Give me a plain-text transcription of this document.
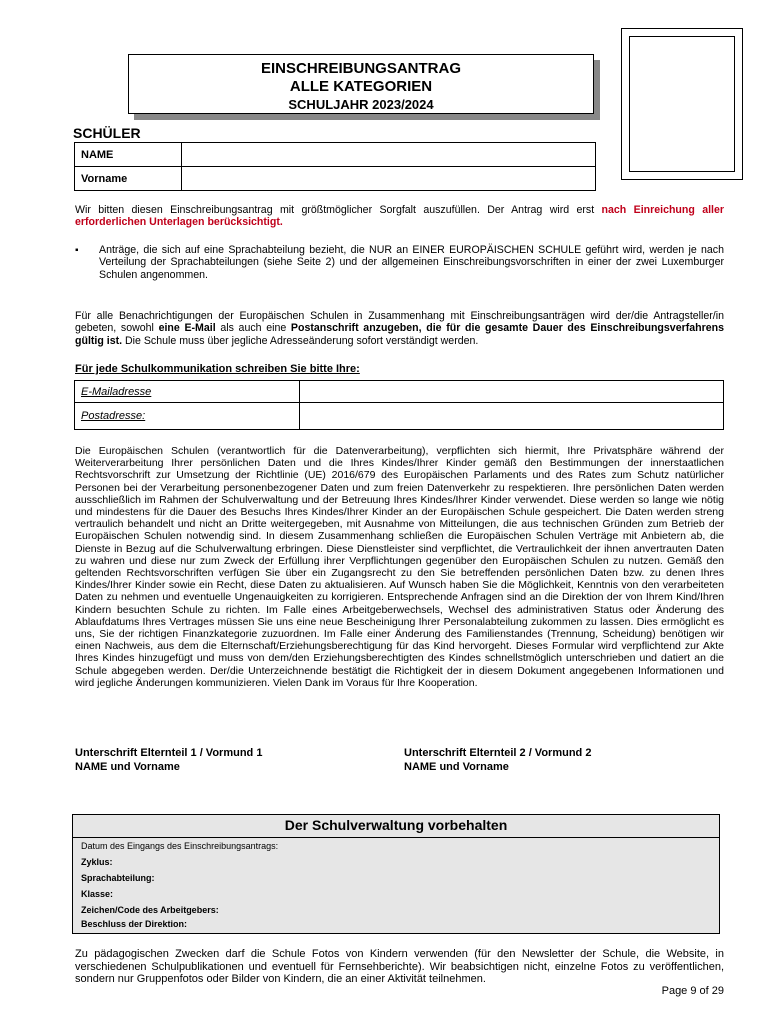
EINSCHREIBUNGSANTRAG
ALLE KATEGORIEN
SCHULJAHR 2023/2024
SCHÜLER
NAME	
Vorname	
Wir bitten diesen Einschreibungsantrag mit größtmöglicher Sorgfalt auszufüllen. Der Antrag wird erst nach Einreichung aller erforderlichen Unterlagen berücksichtigt.
▪ Anträge, die sich auf eine Sprachabteilung bezieht, die NUR an EINER EUROPÄISCHEN SCHULE geführt wird, werden je nach Verteilung der Sprachabteilungen (siehe Seite 2) und der allgemeinen Einschreibungsvorschriften in einer der zwei Luxemburger Schulen angenommen.
Für alle Benachrichtigungen der Europäischen Schulen in Zusammenhang mit Einschreibungsanträgen wird der/die Antragsteller/in gebeten, sowohl eine E-Mail als auch eine Postanschrift anzugeben, die für die gesamte Dauer des Einschreibungsverfahrens gültig ist. Die Schule muss über jegliche Adresseänderung sofort verständigt werden.
Für jede Schulkommunikation schreiben Sie bitte Ihre:
E-Mailadresse	
Postadresse:	
Die Europäischen Schulen (verantwortlich für die Datenverarbeitung), verpflichten sich hiermit, Ihre Privatsphäre während der Weiterverarbeitung Ihrer persönlichen Daten und die Ihres Kindes/Ihrer Kinder gemäß den Bestimmungen der innerstaatlichen Rechtsvorschrift zur Umsetzung der Richtlinie (UE) 2016/679 des Europäischen Parlaments und des Rates zum Schutz natürlicher Personen bei der Verarbeitung personenbezogener Daten und zum freien Datenverkehr zu respektieren. Ihre persönlichen Daten werden ausschließlich im Rahmen der Schulverwaltung und der Betreuung Ihres Kindes/Ihrer Kinder verwendet. Diese werden so lange wie nötig und mindestens für die Dauer des Besuchs Ihres Kindes/Ihrer Kinder an der Europäischen Schule gespeichert. Die Daten werden streng vertraulich behandelt und nicht an Dritte weitergegeben, mit Ausnahme von Mitteilungen, die aus technischen Gründen zum Betrieb der Europäischen Schulen notwendig sind. In diesem Zusammenhang schließen die Europäischen Schulen Verträge mit Anbietern ab, die Dienste in Bezug auf die Schulverwaltung erbringen. Diese Dienstleister sind verpflichtet, die Vertraulichkeit der ihnen anvertrauten Daten zu wahren und diese nur zum Zweck der Erfüllung ihrer Verpflichtungen gegenüber den Europäischen Schulen zu nutzen. Gemäß den geltenden Rechtsvorschriften verfügen Sie über ein Zugangsrecht zu den Sie betreffenden persönlichen Daten bzw. zu denen Ihres Kindes/Ihrer Kinder sowie ein Recht, diese Daten zu aktualisieren. Auf Wunsch haben Sie die Möglichkeit, Kenntnis von den verarbeiteten Daten zu nehmen und eventuelle Ungenauigkeiten zu korrigieren. Entsprechende Anfragen sind an die Direktion der von Ihrem Kind/Ihren Kindern besuchten Schule zu richten. Im Falle eines Arbeitgeberwechsels, Wechsel des administrativen Status oder Änderung des Ablaufdatums Ihres Vertrages müssen Sie uns eine neue Bescheinigung Ihrer Personalabteilung zukommen zu lassen. Dies ermöglicht es uns, Sie der richtigen Finanzkategorie zuzuordnen. Im Falle einer Änderung des Familienstandes (Trennung, Scheidung) benötigen wir einen Nachweis, aus dem die Elternschaft/Erziehungsberechtigung für das Kind hervorgeht. Dieses Formular wird verpflichtend zur Akte Ihres Kindes hinzugefügt und muss von dem/den Erziehungsberechtigten des Kindes schnellstmöglich unterschrieben und datiert an die Schule abgegeben werden. Der/die Unterzeichnende bestätigt die Richtigkeit der in diesem Dokument angegebenen Informationen und wird jegliche Änderungen kommunizieren. Vielen Dank im Voraus für Ihre Kooperation.
Unterschrift Elternteil 1 / Vormund 1
NAME und Vorname
Unterschrift Elternteil 2 / Vormund 2
NAME und Vorname
Der Schulverwaltung vorbehalten
Datum des Eingangs des Einschreibungsantrags:
Zyklus:
Sprachabteilung:
Klasse:
Zeichen/Code des Arbeitgebers:
Beschluss der Direktion:
Zu pädagogischen Zwecken darf die Schule Fotos von Kindern verwenden (für den Newsletter der Schule, die Website, in verschiedenen Schulpublikationen und eventuell für Fernsehberichte). Wir beabsichtigen nicht, einzelne Fotos zu veröffentlichen, sondern nur Gruppenfotos oder Bilder von Kindern, die an einer Aktivität teilnehmen.
Page 9 of 29
